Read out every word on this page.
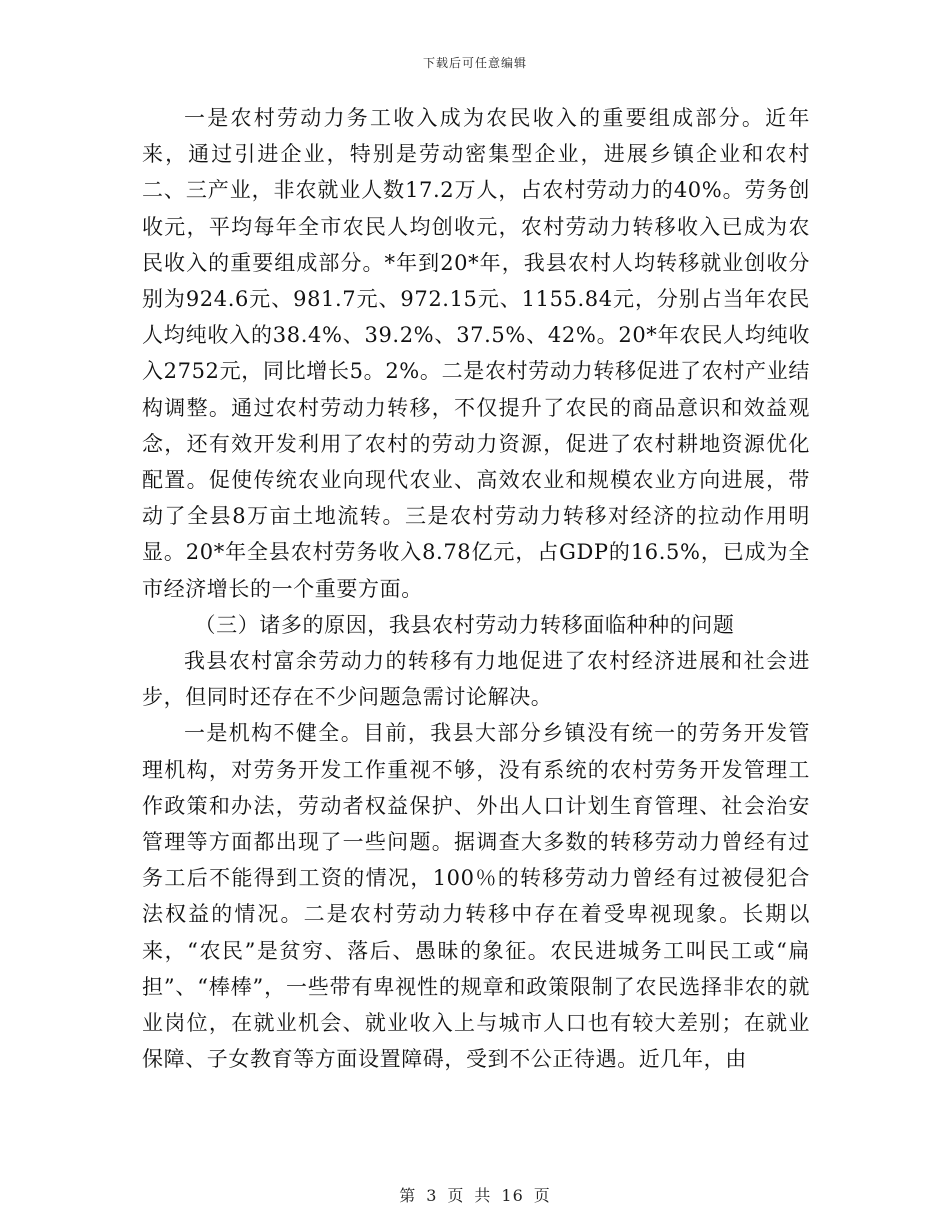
下载后可任意编辑

一是农村劳动力务工收入成为农民收入的重要组成部分。近年来，通过引进企业，特别是劳动密集型企业，进展乡镇企业和农村二、三产业，非农就业人数17.2万人，占农村劳动力的40%。劳务创收元，平均每年全市农民人均创收元，农村劳动力转移收入已成为农民收入的重要组成部分。*年到20*年，我县农村人均转移就业创收分别为924.6元、981.7元、972.15元、1155.84元，分别占当年农民人均纯收入的38.4%、39.2%、37.5%、42%。20*年农民人均纯收入2752元，同比增长5。2%。二是农村劳动力转移促进了农村产业结构调整。通过农村劳动力转移，不仅提升了农民的商品意识和效益观念，还有效开发利用了农村的劳动力资源，促进了农村耕地资源优化配置。促使传统农业向现代农业、高效农业和规模农业方向进展，带动了全县8万亩土地流转。三是农村劳动力转移对经济的拉动作用明显。20*年全县农村劳务收入8.78亿元，占GDP的16.5%，已成为全市经济增长的一个重要方面。

（三）诸多的原因，我县农村劳动力转移面临种种的问题

我县农村富余劳动力的转移有力地促进了农村经济进展和社会进步，但同时还存在不少问题急需讨论解决。

一是机构不健全。目前，我县大部分乡镇没有统一的劳务开发管理机构，对劳务开发工作重视不够，没有系统的农村劳务开发管理工作政策和办法，劳动者权益保护、外出人口计划生育管理、社会治安管理等方面都出现了一些问题。据调查大多数的转移劳动力曾经有过务工后不能得到工资的情况，100％的转移劳动力曾经有过被侵犯合法权益的情况。二是农村劳动力转移中存在着受卑视现象。长期以来，“农民”是贫穷、落后、愚昧的象征。农民进城务工叫民工或“扁担”、“棒棒”，一些带有卑视性的规章和政策限制了农民选择非农的就业岗位，在就业机会、就业收入上与城市人口也有较大差别；在就业保障、子女教育等方面设置障碍，受到不公正待遇。近几年，由

第 3 页 共 16 页
